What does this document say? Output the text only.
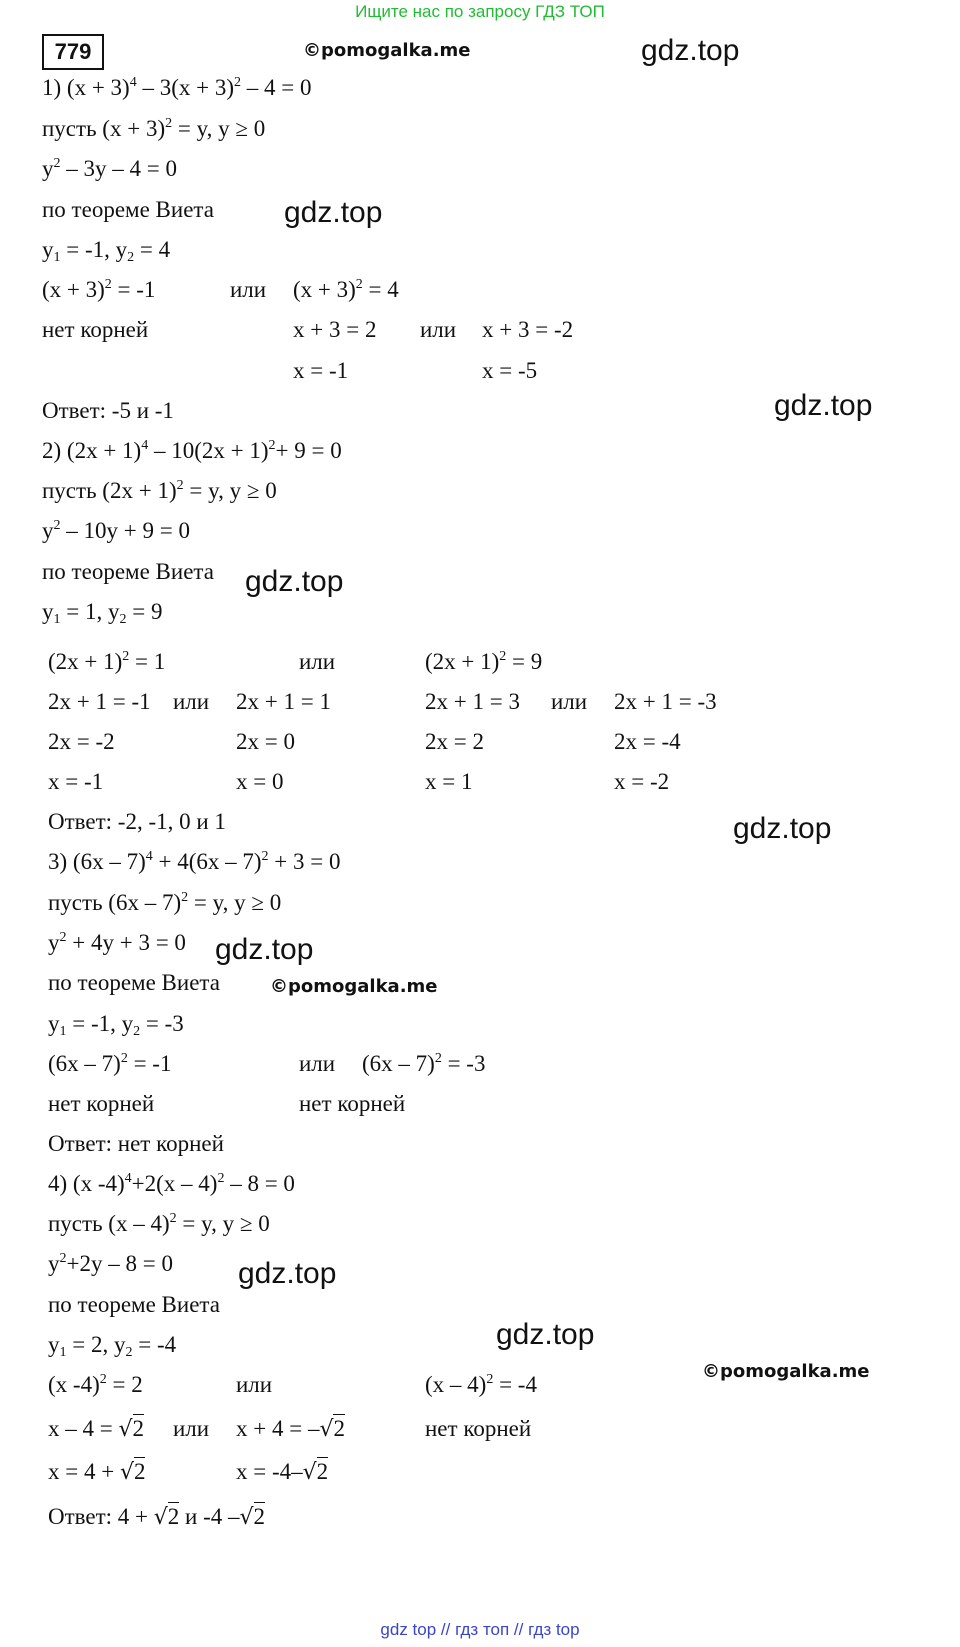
Ищите нас по запросу ГДЗ ТОП
779	©pomogalka.me	gdz.top
gdz.top
gdz.top
gdz.top
gdz.top
gdz.top
©pomogalka.me
gdz.top
gdz.top
©pomogalka.me
1) $(x + 3)^4 - 3(x + 3)^2 - 4 = 0$
пусть $(x + 3)^2 = y$, y ≥ 0
$y^2 - 3y - 4 = 0$
по теореме Виета
$y_1 = -1$, $y_2 = 4$
$(x + 3)^2 = -1$	или $(x + 3)^2 = 4$
нет корней	x + 3 = 2 или x + 3 = -2
x = -1	x = -5
Ответ: -5 и -1
2) $(2x + 1)^4 - 10(2x + 1)^2+ 9 = 0$
пусть $(2x + 1)^2 = y$, y ≥ 0
$y^2 - 10y + 9 = 0$
по теореме Виета
$y_1 = 1$, $y_2 = 9$
$(2x + 1)^2 = 1$	или	$(2x + 1)^2 = 9$
2x + 1 = -1 или 2x + 1 = 1	2x + 1 = 3 или 2x + 1 = -3
2x = -2	2x = 0	2x = 2	2x = -4
x = -1	x = 0	x = 1	x = -2
Ответ: -2, -1, 0 и 1
3) (6x – 7)$^4$ + 4(6x – 7)$^2$ + 3 = 0
пусть (6x – 7)$^2$ = y, y ≥ 0
$y^2 + 4y + 3 = 0$
по теореме Виета
$y_1 = -1$, $y_2 = -3$
(6x – 7)$^2$ = -1	или (6x – 7)$^2$ = -3
нет корней	нет корней
Ответ: нет корней
4) (x -4)$^4$+2(x – 4)$^2$ – 8 = 0
пусть (x – 4)$^2$ = y, y ≥ 0
$y^2+2y - 8 = 0$
по теореме Виета
$y_1 = 2$, $y_2 = -4$
(x -4)$^2$ = 2	или	(x – 4)$^2$ = -4
x – 4 = √2 или x + 4 = –√2	нет корней
x = 4 + √2	x = -4–√2
Ответ: 4 + √2 и -4 –√2
gdz top // гдз топ // гдз top
